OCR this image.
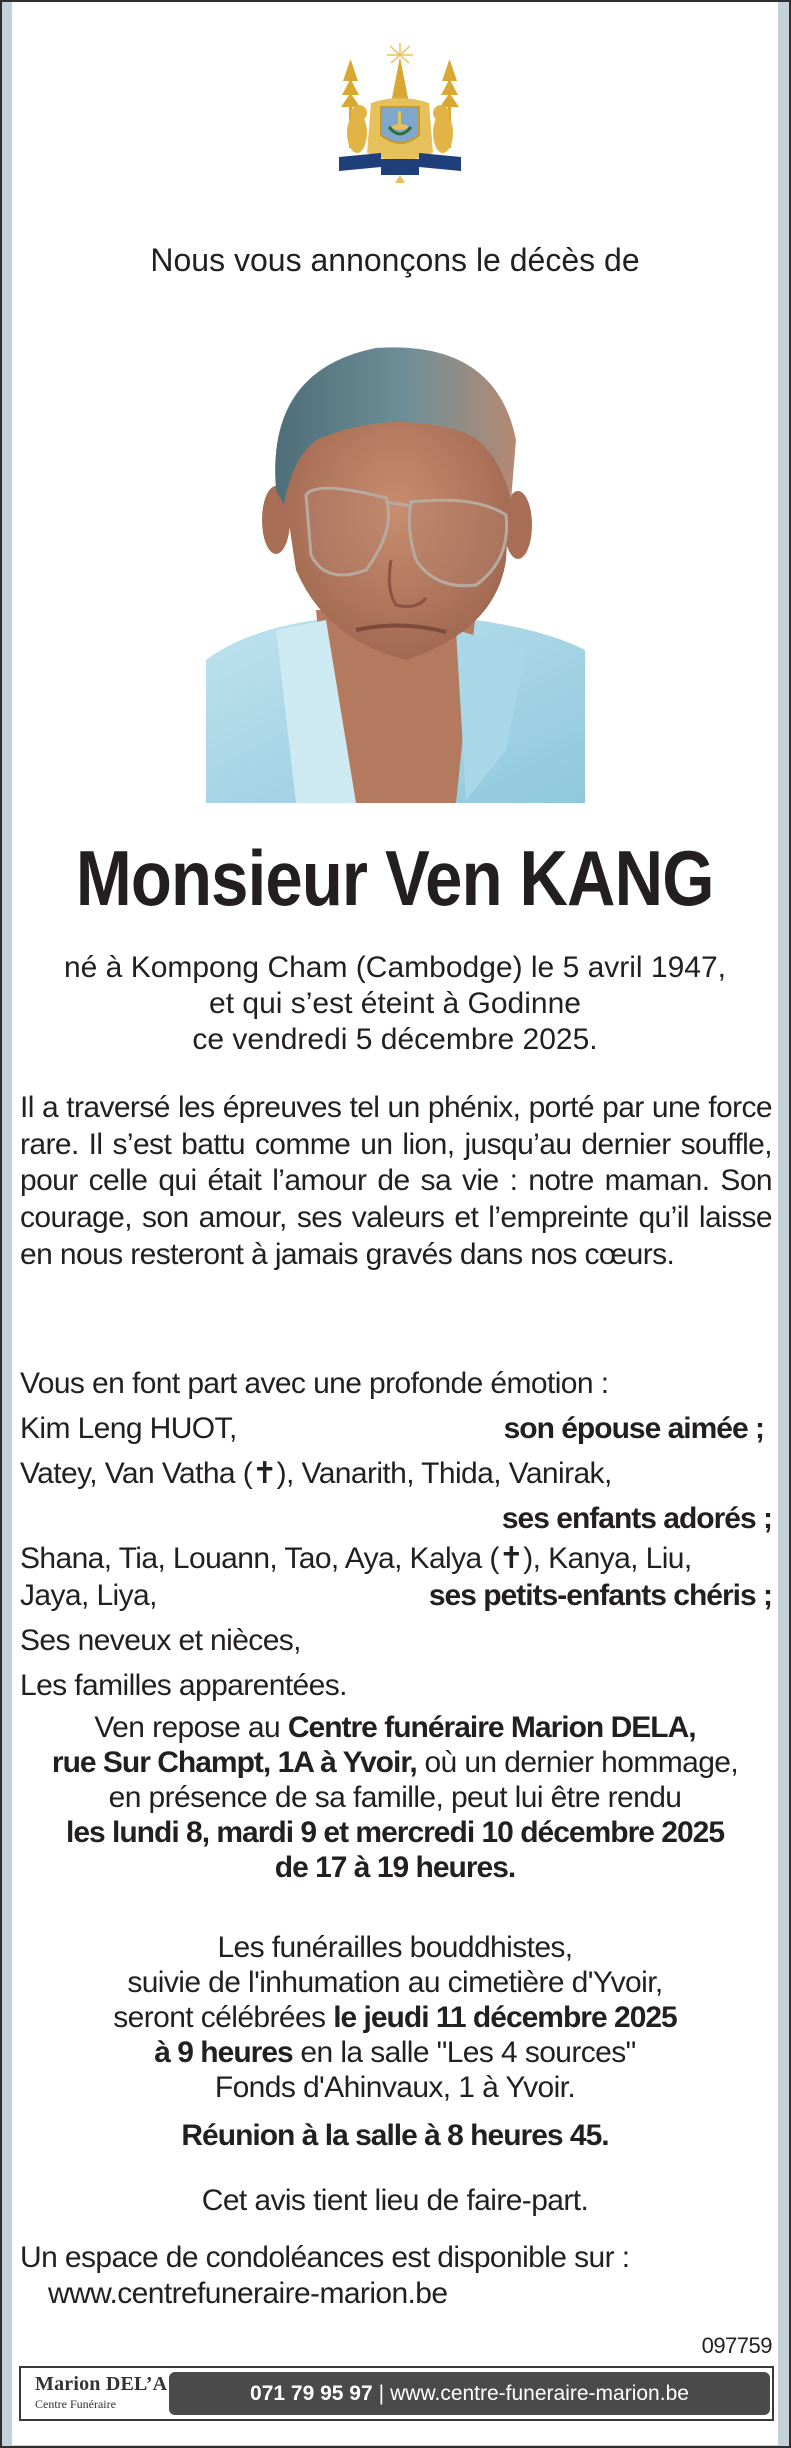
Nous vous annonçons le décès de
Monsieur Ven KANG
né à Kompong Cham (Cambodge) le 5 avril 1947,
et qui s’est éteint à Godinne
ce vendredi 5 décembre 2025.
Il a traversé les épreuves tel un phénix, porté par une force rare. Il s’est battu comme un lion, jusqu’au dernier souffle, pour celle qui était l’amour de sa vie : notre maman. Son courage, son amour, ses valeurs et l’empreinte qu’il laisse en nous resteront à jamais gravés dans nos cœurs.
Vous en font part avec une profonde émotion :
Kim Leng HUOT,	son épouse aimée ;
Vatey, Van Vatha (✝), Vanarith, Thida, Vanirak,
ses enfants adorés ;
Shana, Tia, Louann, Tao, Aya, Kalya (✝), Kanya, Liu,
Jaya, Liya,	ses petits-enfants chéris ;
Ses neveux et nièces,
Les familles apparentées.
Ven repose au Centre funéraire Marion DELA,
rue Sur Champt, 1A à Yvoir, où un dernier hommage,
en présence de sa famille, peut lui être rendu
les lundi 8, mardi 9 et mercredi 10 décembre 2025
de 17 à 19 heures.
Les funérailles bouddhistes,
suivie de l'inhumation au cimetière d'Yvoir,
seront célébrées le jeudi 11 décembre 2025
à 9 heures en la salle "Les 4 sources"
Fonds d'Ahinvaux, 1 à Yvoir.
Réunion à la salle à 8 heures 45.
Cet avis tient lieu de faire-part.
Un espace de condoléances est disponible sur :
www.centrefuneraire-marion.be
097759
Marion DEL’A
Centre Funéraire	071 79 95 97 | www.centre-funeraire-marion.be
